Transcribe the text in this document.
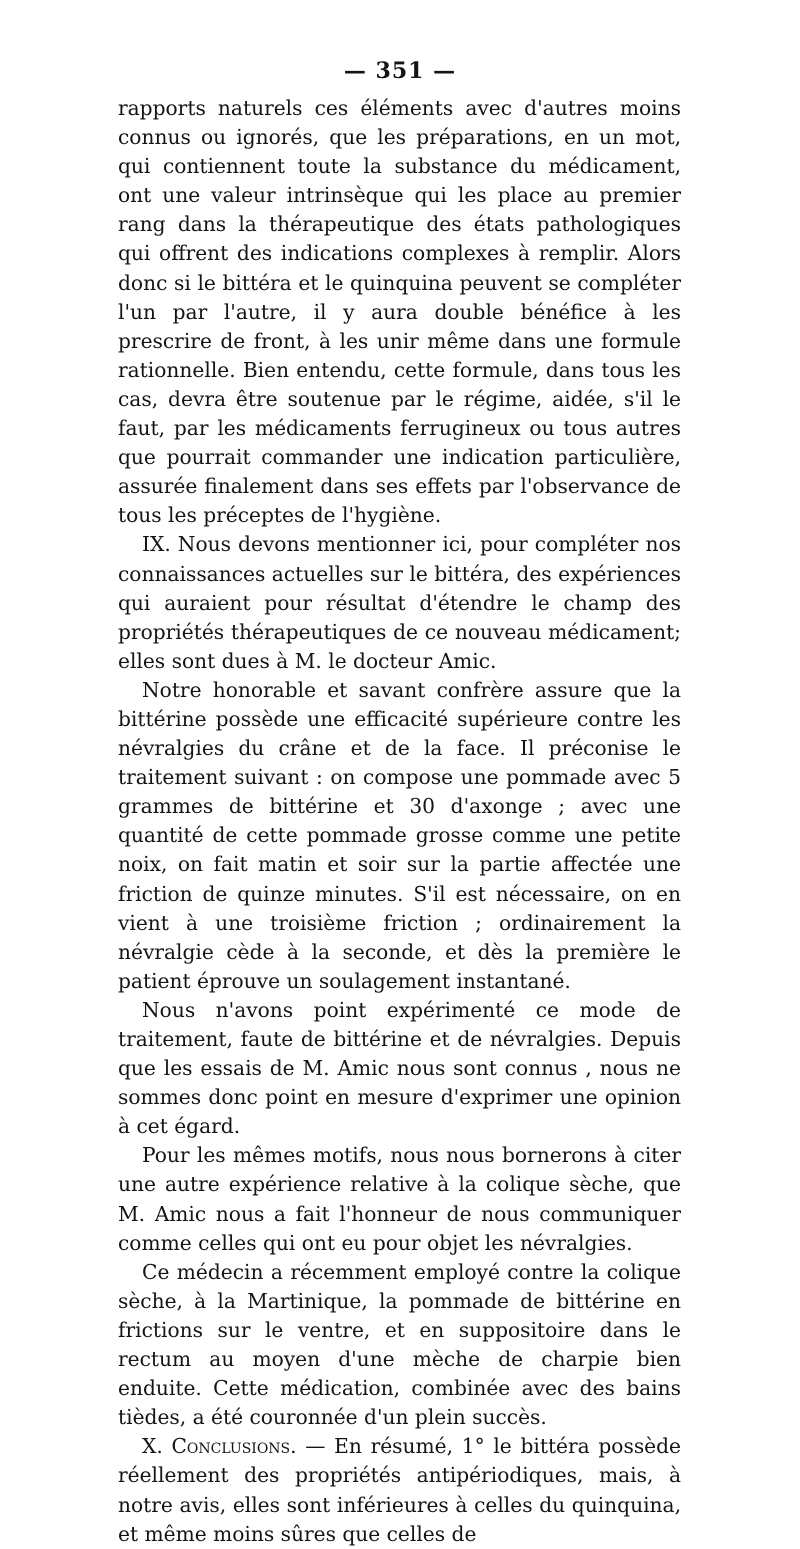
— 351 —

rapports naturels ces éléments avec d'autres moins connus ou ignorés, que les préparations, en un mot, qui contiennent toute la substance du médicament, ont une valeur intrinsèque qui les place au premier rang dans la thérapeutique des états pathologiques qui offrent des indications complexes à remplir. Alors donc si le bittéra et le quinquina peuvent se compléter l'un par l'autre, il y aura double bénéfice à les prescrire de front, à les unir même dans une formule rationnelle. Bien entendu, cette formule, dans tous les cas, devra être soutenue par le régime, aidée, s'il le faut, par les médicaments ferrugineux ou tous autres que pourrait commander une indication particulière, assurée finalement dans ses effets par l'observance de tous les préceptes de l'hygiène.

IX. Nous devons mentionner ici, pour compléter nos connaissances actuelles sur le bittéra, des expériences qui auraient pour résultat d'étendre le champ des propriétés thérapeutiques de ce nouveau médicament; elles sont dues à M. le docteur Amic.

Notre honorable et savant confrère assure que la bittérine possède une efficacité supérieure contre les névralgies du crâne et de la face. Il préconise le traitement suivant : on compose une pommade avec 5 grammes de bittérine et 30 d'axonge ; avec une quantité de cette pommade grosse comme une petite noix, on fait matin et soir sur la partie affectée une friction de quinze minutes. S'il est nécessaire, on en vient à une troisième friction ; ordinairement la névralgie cède à la seconde, et dès la première le patient éprouve un soulagement instantané.

Nous n'avons point expérimenté ce mode de traitement, faute de bittérine et de névralgies. Depuis que les essais de M. Amic nous sont connus , nous ne sommes donc point en mesure d'exprimer une opinion à cet égard.

Pour les mêmes motifs, nous nous bornerons à citer une autre expérience relative à la colique sèche, que M. Amic nous a fait l'honneur de nous communiquer comme celles qui ont eu pour objet les névralgies.

Ce médecin a récemment employé contre la colique sèche, à la Martinique, la pommade de bittérine en frictions sur le ventre, et en suppositoire dans le rectum au moyen d'une mèche de charpie bien enduite. Cette médication, combinée avec des bains tièdes, a été couronnée d'un plein succès.

X. Conclusions. — En résumé, 1° le bittéra possède réellement des propriétés antipériodiques, mais, à notre avis, elles sont inférieures à celles du quinquina, et même moins sûres que celles de
